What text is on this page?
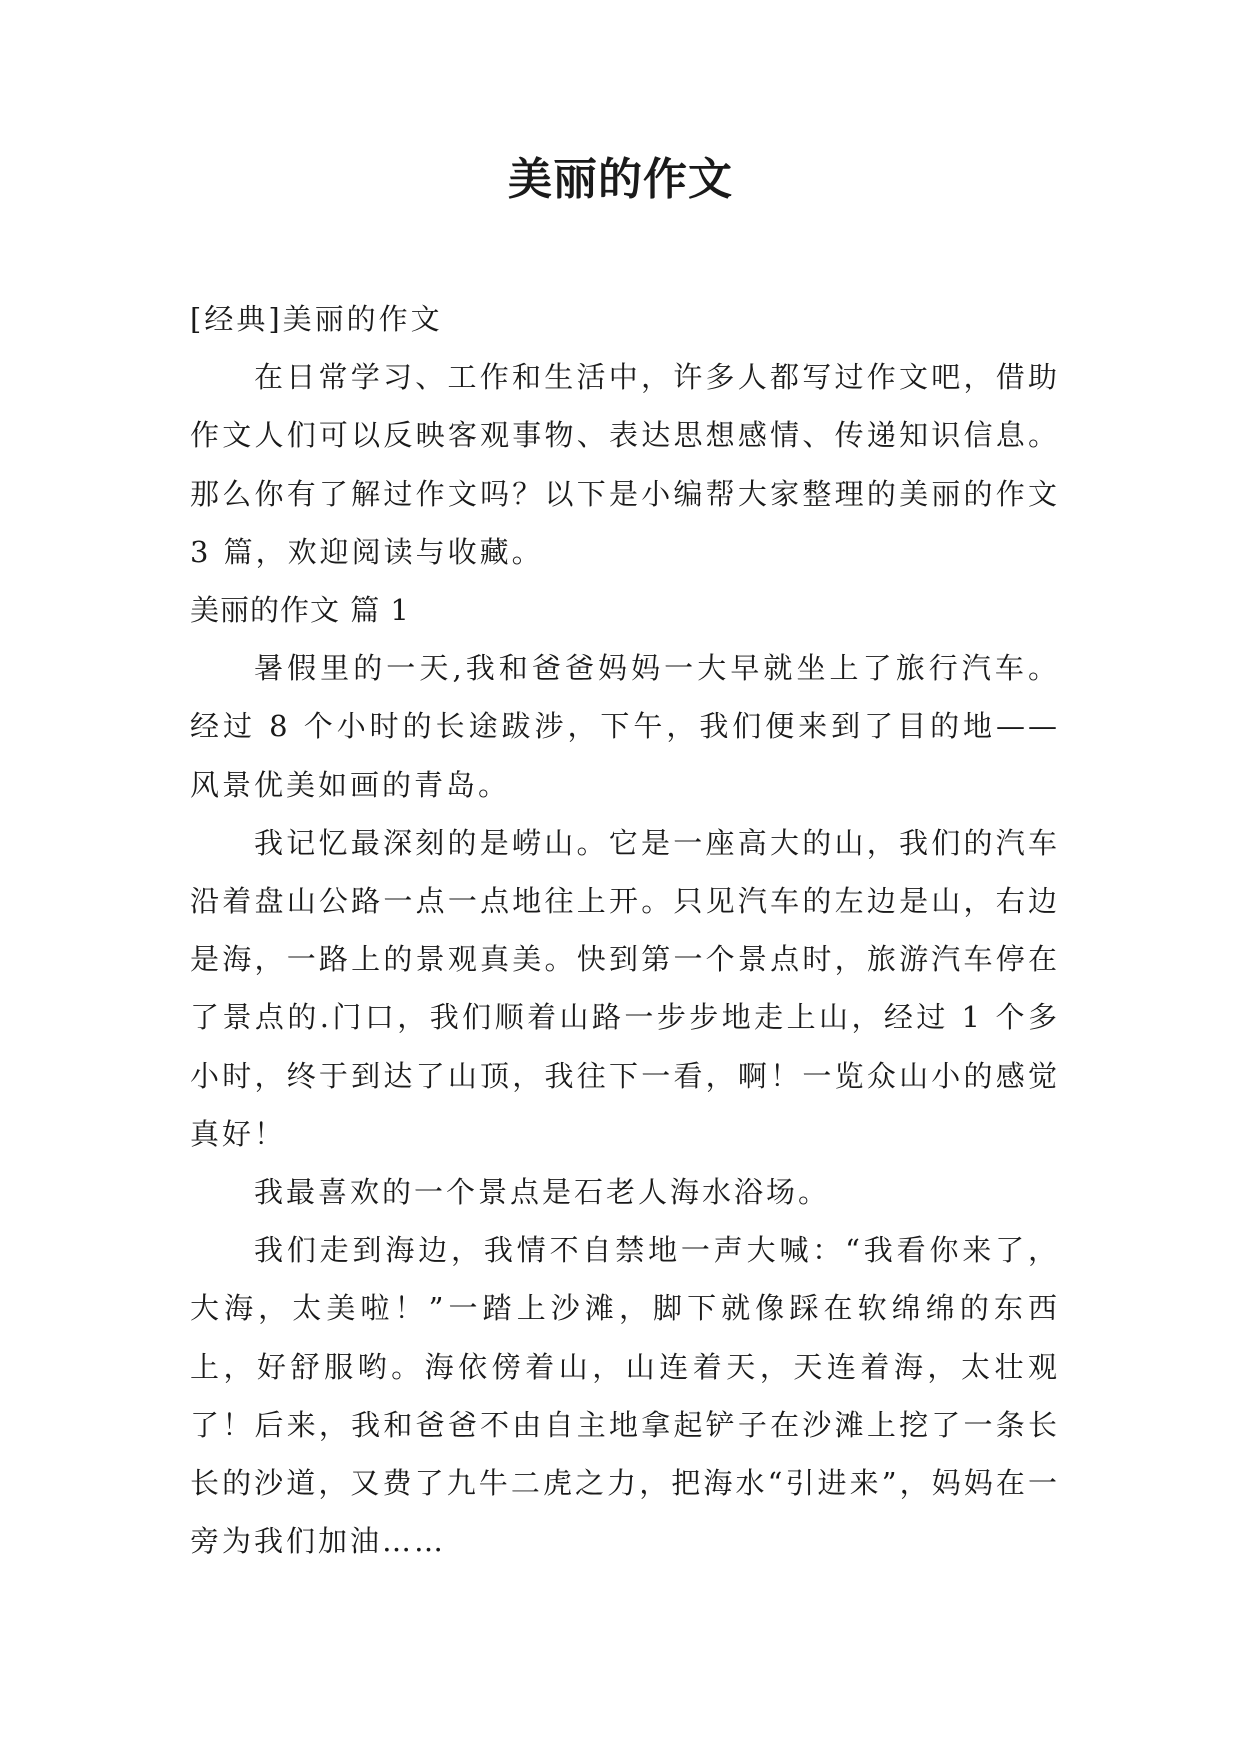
美丽的作文

[经典]美丽的作文

在日常学习、工作和生活中，许多人都写过作文吧，借助作文人们可以反映客观事物、表达思想感情、传递知识信息。那么你有了解过作文吗？以下是小编帮大家整理的美丽的作文 3 篇，欢迎阅读与收藏。

美丽的作文 篇 1

暑假里的一天,我和爸爸妈妈一大早就坐上了旅行汽车。经过 8 个小时的长途跋涉，下午，我们便来到了目的地——风景优美如画的青岛。

我记忆最深刻的是崂山。它是一座高大的山，我们的汽车沿着盘山公路一点一点地往上开。只见汽车的左边是山，右边是海，一路上的景观真美。快到第一个景点时，旅游汽车停在了景点的.门口，我们顺着山路一步步地走上山，经过 1 个多小时，终于到达了山顶，我往下一看，啊！一览众山小的感觉真好！

我最喜欢的一个景点是石老人海水浴场。

我们走到海边，我情不自禁地一声大喊：“我看你来了，大海，太美啦！”一踏上沙滩，脚下就像踩在软绵绵的东西上，好舒服哟。海依傍着山，山连着天，天连着海，太壮观了！后来，我和爸爸不由自主地拿起铲子在沙滩上挖了一条长长的沙道，又费了九牛二虎之力，把海水“引进来”，妈妈在一旁为我们加油……
